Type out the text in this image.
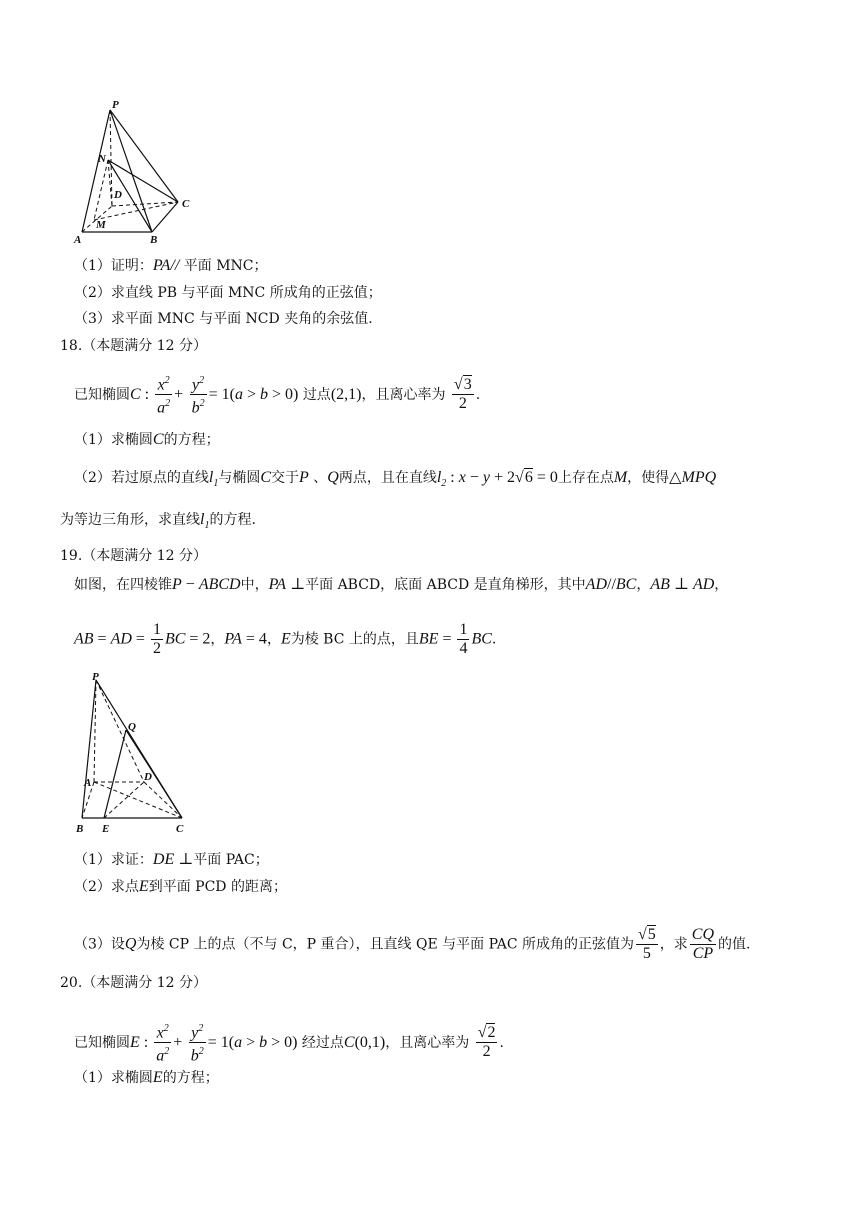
P
N
D
C
M
A	B
（1）证明：PA// 平面 MNC；
（2）求直线 PB 与平面 MNC 所成角的正弦值；
（3）求平面 MNC 与平面 NCD 夹角的余弦值.
18.（本题满分 12 分）
已知椭圆C : $\frac{x^2}{a^2} + \frac{y^2}{b^2} = 1(a > b > 0)$ 过点(2,1)，且离心率为 $\frac{√3}{2}$ .
（1）求椭圆C的方程；
（2）若过原点的直线$l_1$与椭圆C交于P 、Q两点，且在直线$l_2$ : x − y + 2√6 = 0上存在点M，使得△MPQ
为等边三角形，求直线$l_1$的方程.
19.（本题满分 12 分）
如图，在四棱锥P − ABCD中，PA ⊥平面 ABCD，底面 ABCD 是直角梯形，其中AD//BC，AB ⊥ AD，
AB = AD = $\frac{1}{2}$ BC = 2，PA = 4，E为棱 BC 上的点，且BE = $\frac{1}{4}$ BC.
P
Q
D
A
B E	C
（1）求证：DE ⊥平面 PAC；
（2）求点E到平面 PCD 的距离；
（3）设Q为棱 CP 上的点（不与 C，P 重合），且直线 QE 与平面 PAC 所成角的正弦值为 $\frac{√5}{5}$ ，求 $\frac{CQ}{CP}$ 的值.
20.（本题满分 12 分）
已知椭圆E : $\frac{x^2}{a^2} + \frac{y^2}{b^2} = 1(a > b > 0)$ 经过点C(0,1)，且离心率为 $\frac{√2}{2}$ .
（1）求椭圆E的方程；
